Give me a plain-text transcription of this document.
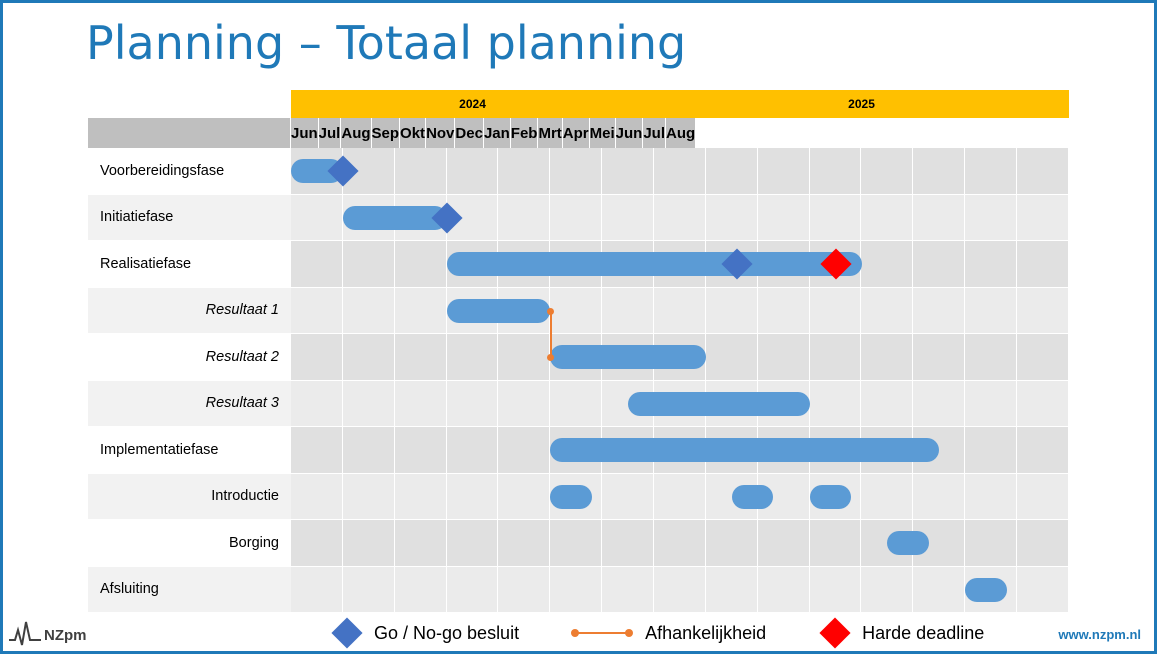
Planning – Totaal planning
2024	2025
Jun Jul Aug Sep Okt Nov Dec Jan Feb Mrt Apr Mei Jun Jul Aug
Voorbereidingsfase
Initiatiefase
Realisatiefase
Resultaat 1
Resultaat 2
Resultaat 3
Implementatiefase
Introductie
Borging
Afsluiting
Go / No-go besluit	Afhankelijkheid	Harde deadline
NZpm	www.nzpm.nl
